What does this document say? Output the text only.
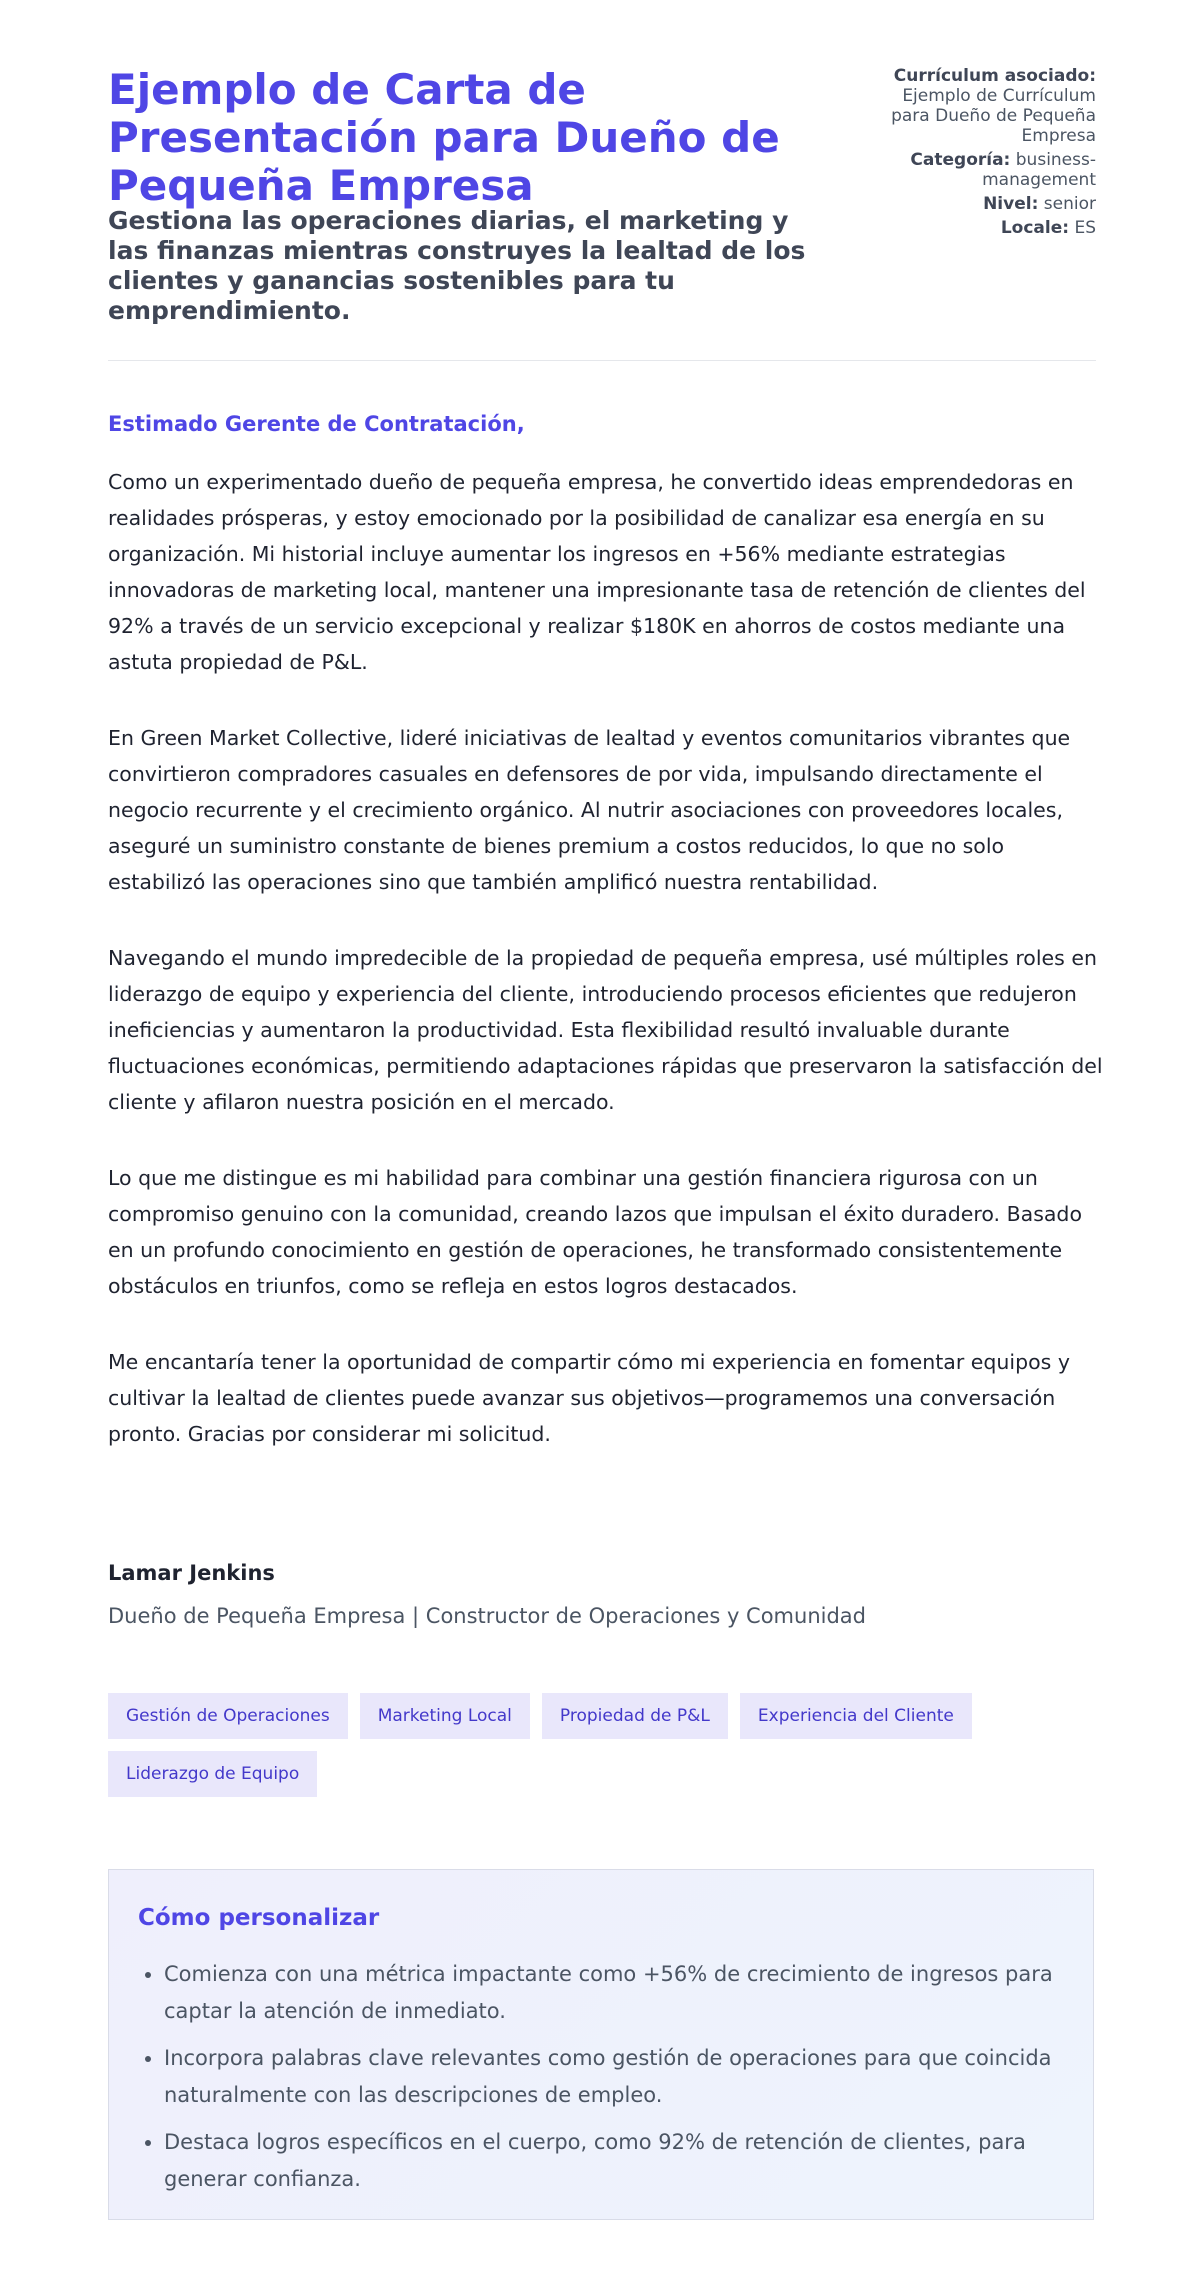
Ejemplo de Carta de Presentación para Dueño de Pequeña Empresa

Gestiona las operaciones diarias, el marketing y las finanzas mientras construyes la lealtad de los clientes y ganancias sostenibles para tu emprendimiento.

Currículum asociado: Ejemplo de Currículum para Dueño de Pequeña Empresa
Categoría: business-management
Nivel: senior
Locale: ES

Estimado Gerente de Contratación,

Como un experimentado dueño de pequeña empresa, he convertido ideas emprendedoras en realidades prósperas, y estoy emocionado por la posibilidad de canalizar esa energía en su organización. Mi historial incluye aumentar los ingresos en +56% mediante estrategias innovadoras de marketing local, mantener una impresionante tasa de retención de clientes del 92% a través de un servicio excepcional y realizar $180K en ahorros de costos mediante una astuta propiedad de P&L.

En Green Market Collective, lideré iniciativas de lealtad y eventos comunitarios vibrantes que convirtieron compradores casuales en defensores de por vida, impulsando directamente el negocio recurrente y el crecimiento orgánico. Al nutrir asociaciones con proveedores locales, aseguré un suministro constante de bienes premium a costos reducidos, lo que no solo estabilizó las operaciones sino que también amplificó nuestra rentabilidad.

Navegando el mundo impredecible de la propiedad de pequeña empresa, usé múltiples roles en liderazgo de equipo y experiencia del cliente, introduciendo procesos eficientes que redujeron ineficiencias y aumentaron la productividad. Esta flexibilidad resultó invaluable durante fluctuaciones económicas, permitiendo adaptaciones rápidas que preservaron la satisfacción del cliente y afilaron nuestra posición en el mercado.

Lo que me distingue es mi habilidad para combinar una gestión financiera rigurosa con un compromiso genuino con la comunidad, creando lazos que impulsan el éxito duradero. Basado en un profundo conocimiento en gestión de operaciones, he transformado consistentemente obstáculos en triunfos, como se refleja en estos logros destacados.

Me encantaría tener la oportunidad de compartir cómo mi experiencia en fomentar equipos y cultivar la lealtad de clientes puede avanzar sus objetivos—programemos una conversación pronto. Gracias por considerar mi solicitud.

Lamar Jenkins

Dueño de Pequeña Empresa | Constructor de Operaciones y Comunidad

Gestión de Operaciones	Marketing Local	Propiedad de P&L	Experiencia del Cliente
Liderazgo de Equipo
Cómo personalizar
• Comienza con una métrica impactante como +56% de crecimiento de ingresos para captar la atención de inmediato.
• Incorpora palabras clave relevantes como gestión de operaciones para que coincida naturalmente con las descripciones de empleo.
• Destaca logros específicos en el cuerpo, como 92% de retención de clientes, para generar confianza.
